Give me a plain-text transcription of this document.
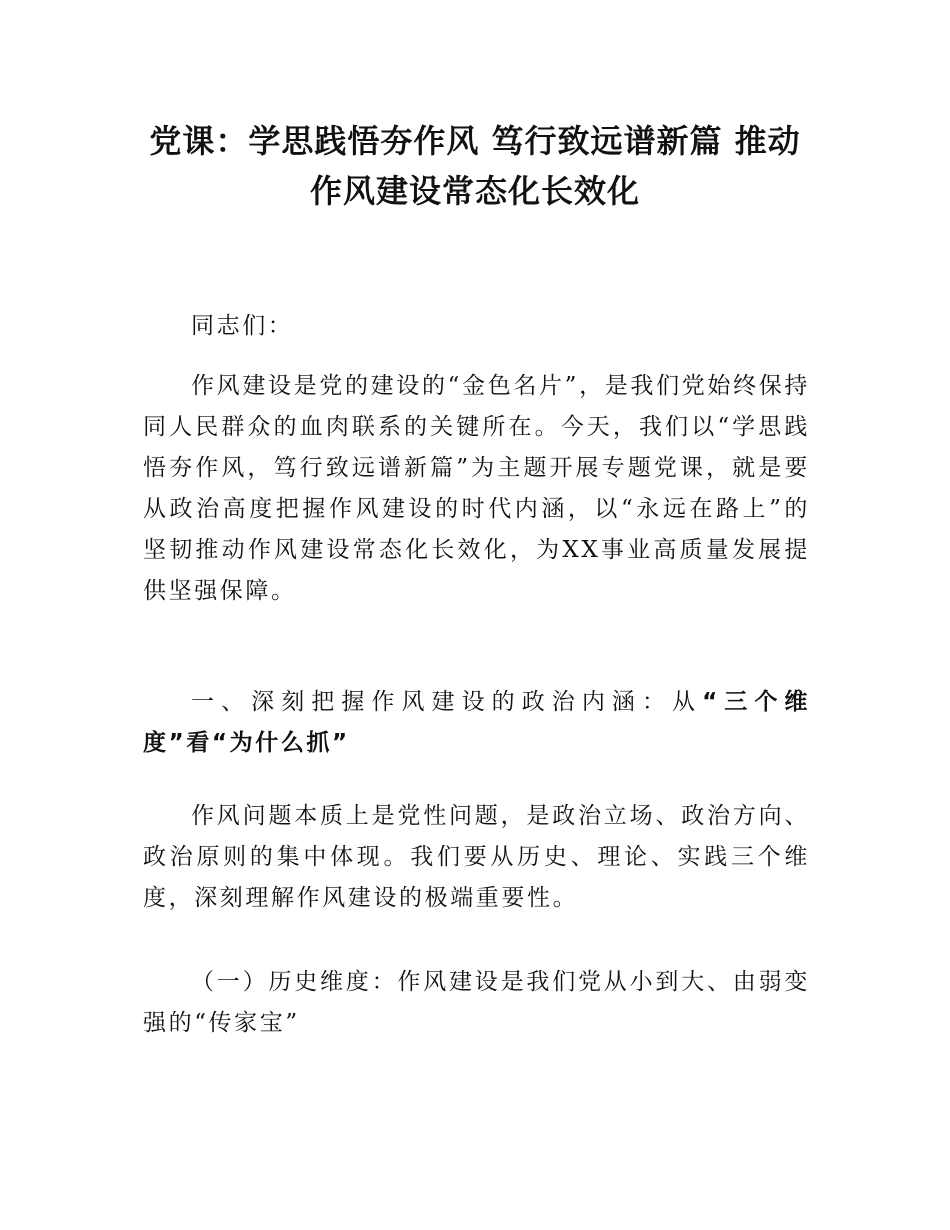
党课：学思践悟夯作风 笃行致远谱新篇 推动作风建设常态化长效化

同志们：

作风建设是党的建设的“金色名片”，是我们党始终保持同人民群众的血肉联系的关键所在。今天，我们以“学思践悟夯作风，笃行致远谱新篇”为主题开展专题党课，就是要从政治高度把握作风建设的时代内涵，以“永远在路上”的坚韧推动作风建设常态化长效化，为XX事业高质量发展提供坚强保障。

一、深刻把握作风建设的政治内涵：从“三个维度”看“为什么抓”

作风问题本质上是党性问题，是政治立场、政治方向、政治原则的集中体现。我们要从历史、理论、实践三个维度，深刻理解作风建设的极端重要性。

（一）历史维度：作风建设是我们党从小到大、由弱变强的“传家宝”
